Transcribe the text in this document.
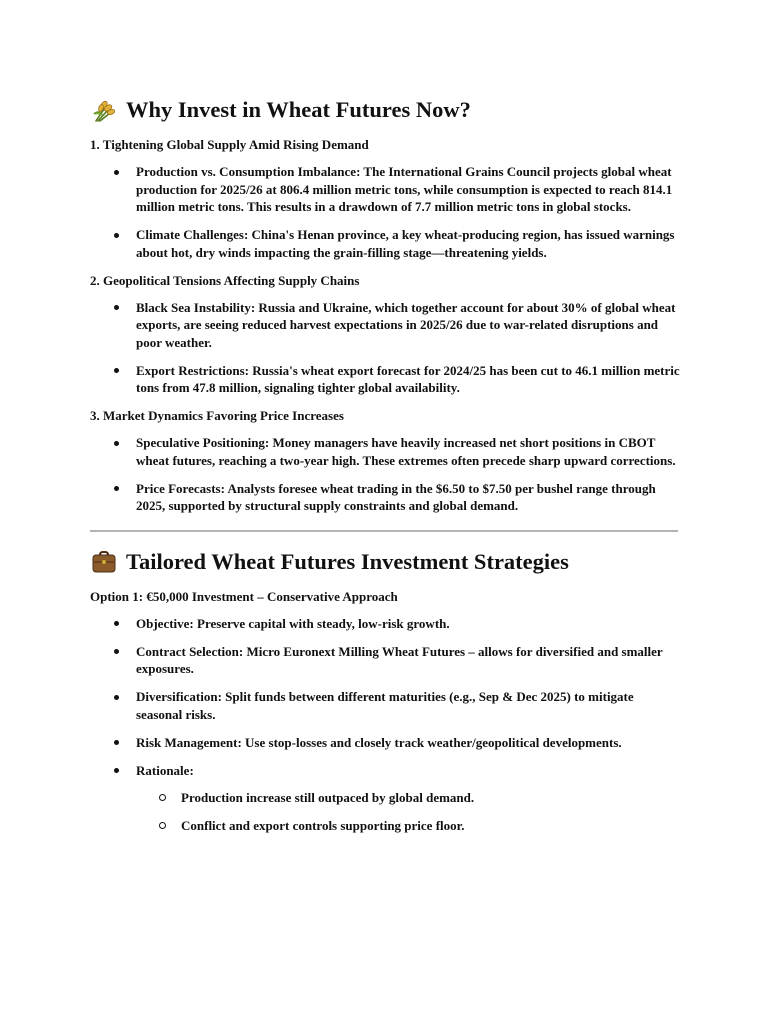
Why Invest in Wheat Futures Now?
1. Tightening Global Supply Amid Rising Demand
Production vs. Consumption Imbalance: The International Grains Council projects global wheat production for 2025/26 at 806.4 million metric tons, while consumption is expected to reach 814.1 million metric tons. This results in a drawdown of 7.7 million metric tons in global stocks.
Climate Challenges: China's Henan province, a key wheat-producing region, has issued warnings about hot, dry winds impacting the grain-filling stage—threatening yields.
2. Geopolitical Tensions Affecting Supply Chains
Black Sea Instability: Russia and Ukraine, which together account for about 30% of global wheat exports, are seeing reduced harvest expectations in 2025/26 due to war-related disruptions and poor weather.
Export Restrictions: Russia's wheat export forecast for 2024/25 has been cut to 46.1 million metric tons from 47.8 million, signaling tighter global availability.
3. Market Dynamics Favoring Price Increases
Speculative Positioning: Money managers have heavily increased net short positions in CBOT wheat futures, reaching a two-year high. These extremes often precede sharp upward corrections.
Price Forecasts: Analysts foresee wheat trading in the $6.50 to $7.50 per bushel range through 2025, supported by structural supply constraints and global demand.
Tailored Wheat Futures Investment Strategies
Option 1: €50,000 Investment – Conservative Approach
Objective: Preserve capital with steady, low-risk growth.
Contract Selection: Micro Euronext Milling Wheat Futures – allows for diversified and smaller exposures.
Diversification: Split funds between different maturities (e.g., Sep & Dec 2025) to mitigate seasonal risks.
Risk Management: Use stop-losses and closely track weather/geopolitical developments.
Rationale:
Production increase still outpaced by global demand.
Conflict and export controls supporting price floor.
